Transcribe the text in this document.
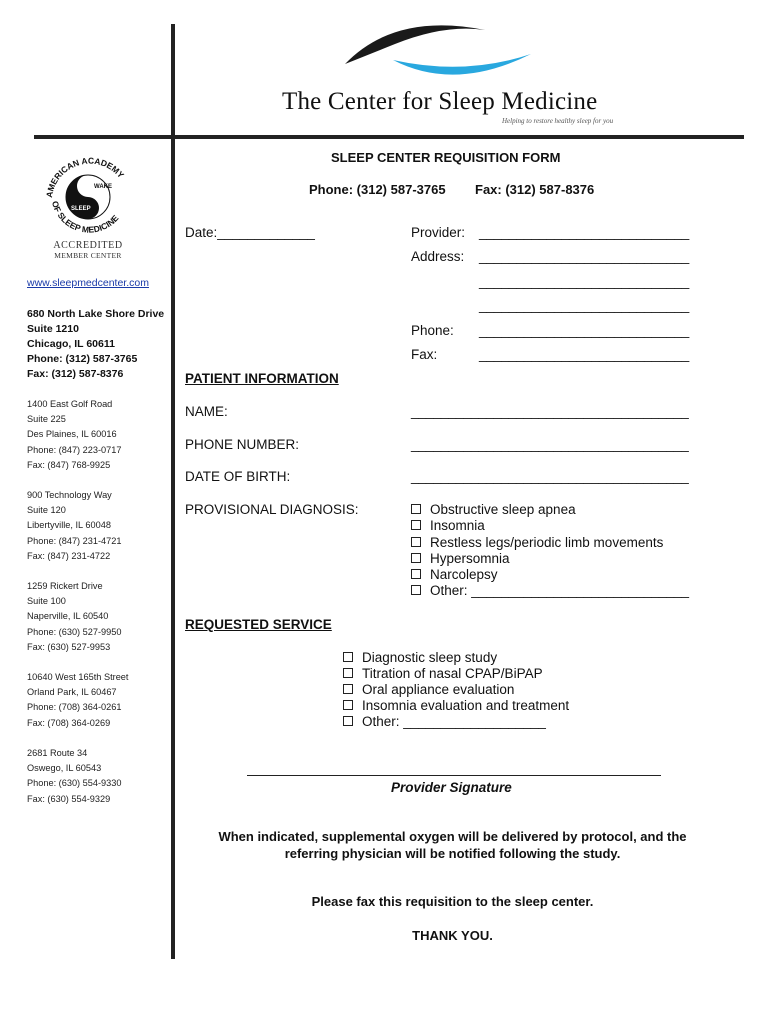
The Center for Sleep Medicine
Helping to restore healthy sleep for you
AMERICAN ACADEMY
OF SLEEP MEDICINE
WAKE
SLEEP
ACCREDITED
MEMBER CENTER
www.sleepmedcenter.com
680 North Lake Shore Drive
Suite 1210
Chicago, IL 60611
Phone: (312) 587-3765
Fax: (312) 587-8376
1400 East Golf Road
Suite 225
Des Plaines, IL 60016
Phone: (847) 223-0717
Fax: (847) 768-9925
900 Technology Way
Suite 120
Libertyville, IL 60048
Phone: (847) 231-4721
Fax: (847) 231-4722
1259 Rickert Drive
Suite 100
Naperville, IL 60540
Phone: (630) 527-9950
Fax: (630) 527-9953
10640 West 165th Street
Orland Park, IL 60467
Phone: (708) 364-0261
Fax: (708) 364-0269
2681 Route 34
Oswego, IL 60543
Phone: (630) 554-9330
Fax: (630) 554-9329
SLEEP CENTER REQUISITION FORM
Phone: (312) 587-3765 Fax: (312) 587-8376
Date:_____________	Provider: ____________________________
Address: ____________________________
____________________________
____________________________
Phone: ____________________________
Fax:	____________________________
PATIENT INFORMATION
NAME:	_____________________________________
PHONE NUMBER:	_____________________________________
DATE OF BIRTH:	_____________________________________
PROVISIONAL DIAGNOSIS:	Obstructive sleep apnea
Insomnia
Restless legs/periodic limb movements
Hypersomnia
Narcolepsy
Other: _____________________________
REQUESTED SERVICE
Diagnostic sleep study
Titration of nasal CPAP/BiPAP
Oral appliance evaluation
Insomnia evaluation and treatment
Other: ___________________
Provider Signature
When indicated, supplemental oxygen will be delivered by protocol, and the
referring physician will be notified following the study.
Please fax this requisition to the sleep center.
THANK YOU.
